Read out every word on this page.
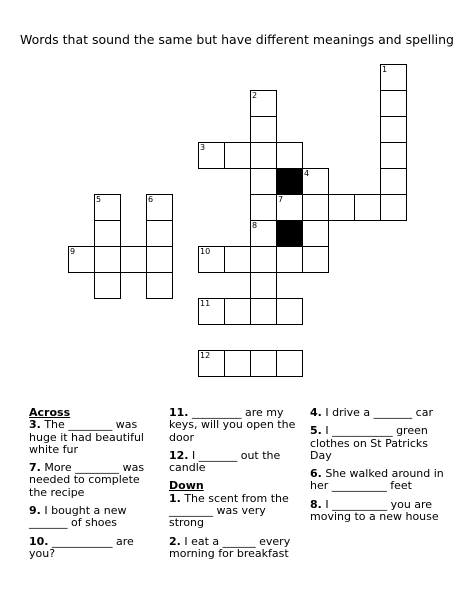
Words that sound the same but have different meanings and spelling
1
2
3
4
7
8
10
11
12
5	6
9

Across

3. The ________ was huge it had beautiful white fur

7. More ________ was needed to complete the recipe

9. I bought a new _______ of shoes

10. ___________ are you?

11. _________ are my keys, will you open the door

12. I _______ out the candle

Down

1. The scent from the ________ was very strong

2. I eat a ______ every morning for breakfast

4. I drive a _______ car

5. I ___________ green clothes on St Patricks Day

6. She walked around in her __________ feet

8. I __________ you are moving to a new house
